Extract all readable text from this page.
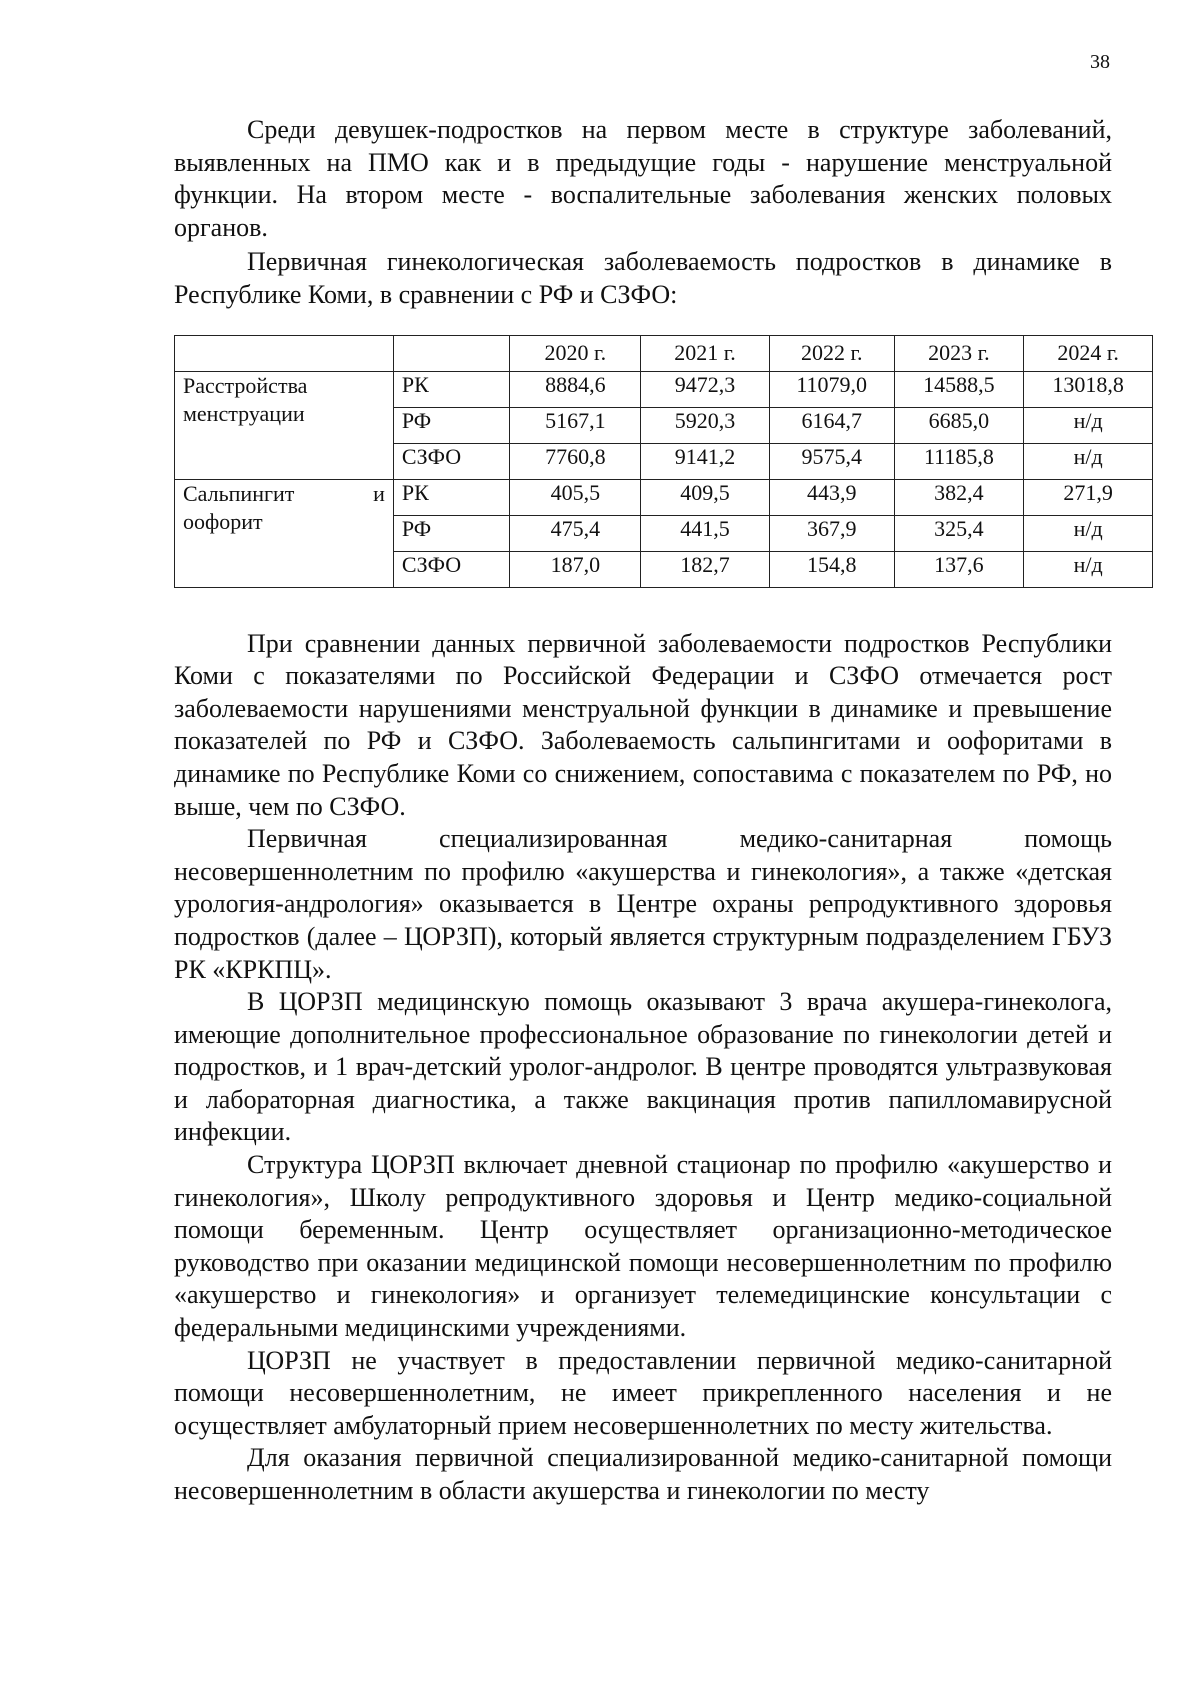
38

Среди девушек-подростков на первом месте в структуре заболеваний, выявленных на ПМО как и в предыдущие годы - нарушение менструальной функции. На втором месте - воспалительные заболевания женских половых органов.

Первичная гинекологическая заболеваемость подростков в динамике в Республике Коми, в сравнении с РФ и СЗФО:

		2020 г.	2021 г.	2022 г.	2023 г.	2024 г.

Расстройства
менструации	РК	8884,6	9472,3	11079,0	14588,5	13018,8
	РФ	5167,1	5920,3	6164,7	6685,0	н/д
	СЗФО	7760,8	9141,2	9575,4	11185,8	н/д

Сальпингит и
оофорит	РК	405,5	409,5	443,9	382,4	271,9
	РФ	475,4	441,5	367,9	325,4	н/д
	СЗФО	187,0	182,7	154,8	137,6	н/д

При сравнении данных первичной заболеваемости подростков Республики Коми с показателями по Российской Федерации и СЗФО отмечается рост заболеваемости нарушениями менструальной функции в динамике и превышение показателей по РФ и СЗФО. Заболеваемость сальпингитами и оофоритами в динамике по Республике Коми со снижением, сопоставима с показателем по РФ, но выше, чем по СЗФО.

Первичная специализированная медико-санитарная помощь несовершеннолетним по профилю «акушерства и гинекология», а также «детская урология-андрология» оказывается в Центре охраны репродуктивного здоровья подростков (далее – ЦОРЗП), который является структурным подразделением ГБУЗ РК «КРКПЦ».

В ЦОРЗП медицинскую помощь оказывают 3 врача акушера-гинеколога, имеющие дополнительное профессиональное образование по гинекологии детей и подростков, и 1 врач-детский уролог-андролог. В центре проводятся ультразвуковая и лабораторная диагностика, а также вакцинация против папилломавирусной инфекции.

Структура ЦОРЗП включает дневной стационар по профилю «акушерство и гинекология», Школу репродуктивного здоровья и Центр медико-социальной помощи беременным. Центр осуществляет организационно-методическое руководство при оказании медицинской помощи несовершеннолетним по профилю «акушерство и гинекология» и организует телемедицинские консультации с федеральными медицинскими учреждениями.

ЦОРЗП не участвует в предоставлении первичной медико-санитарной помощи несовершеннолетним, не имеет прикрепленного населения и не осуществляет амбулаторный прием несовершеннолетних по месту жительства.

Для оказания первичной специализированной медико-санитарной помощи несовершеннолетним в области акушерства и гинекологии по месту
